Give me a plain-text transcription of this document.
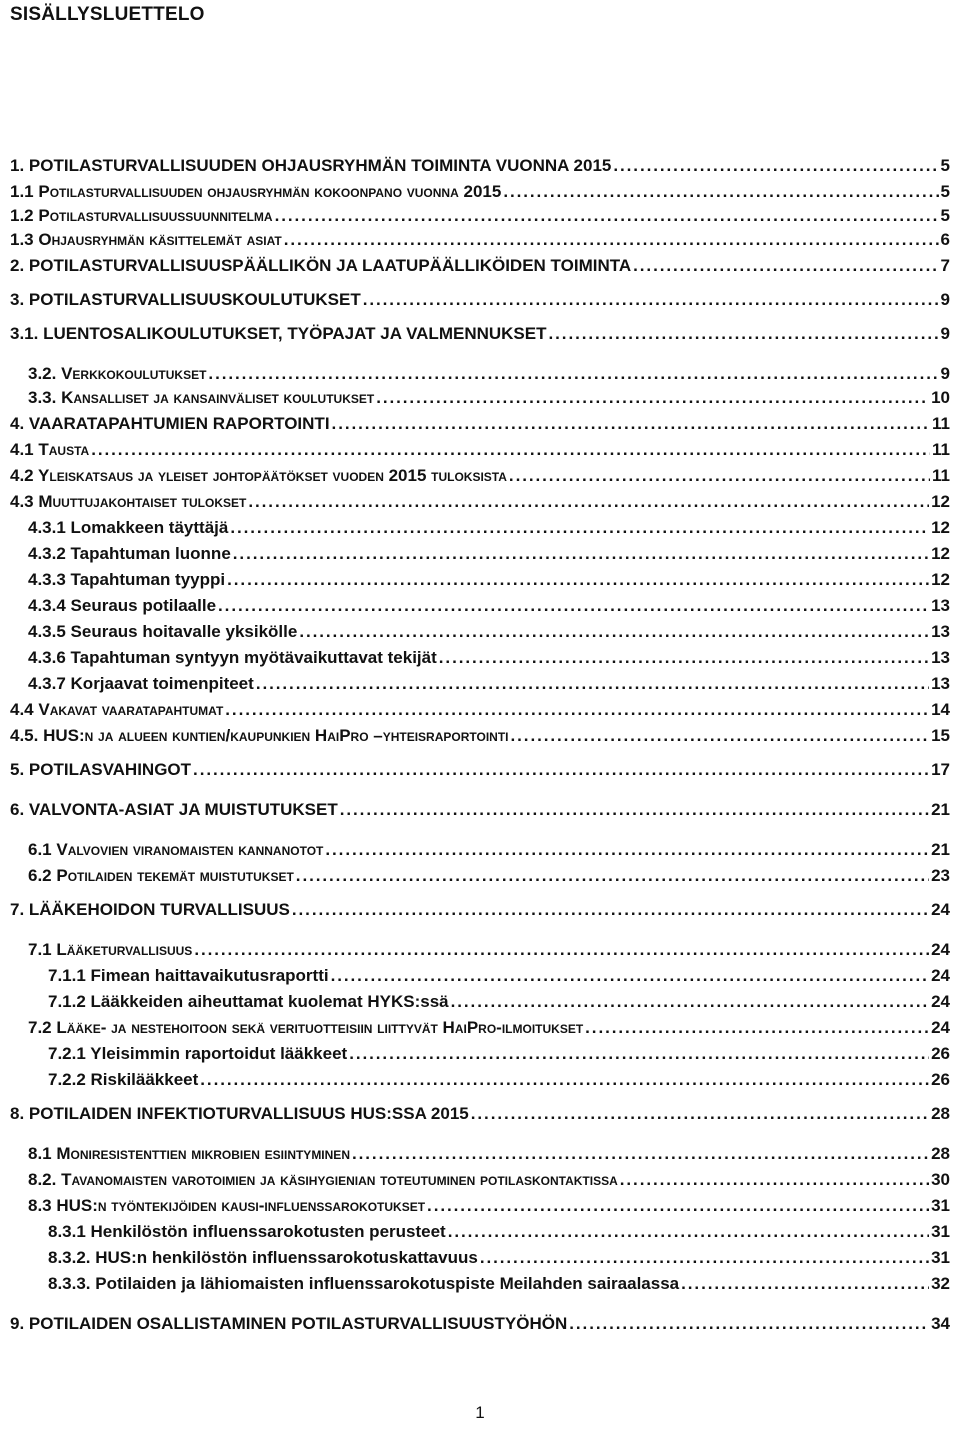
SISÄLLYSLUETTELO
1. POTILASTURVALLISUUDEN OHJAUSRYHMÄN TOIMINTA VUONNA 2015 . . .	5
1.1 Potilasturvallisuuden ohjausryhmän kokoonpano vuonna 2015 . . .	5
1.2 Potilasturvallisuussuunnitelma . . .	5
1.3 Ohjausryhmän käsittelemät asiat . . .	6
2. POTILASTURVALLISUUSPÄÄLLIKÖN JA LAATUPÄÄLLIKÖIDEN TOIMINTA . . .	7
3. POTILASTURVALLISUUSKOULUTUKSET . . .	9
3.1. LUENTOSALIKOULUTUKSET, TYÖPAJAT JA VALMENNUKSET . . .	9
3.2. Verkkokoulutukset . . .	9
3.3. Kansalliset ja kansainväliset koulutukset . . .	10
4. VAARATAPAHTUMIEN RAPORTOINTI . . .	11
4.1 Tausta . . .	11
4.2 Yleiskatsaus ja yleiset johtopäätökset vuoden 2015 tuloksista . . .	11
4.3 Muuttujakohtaiset tulokset . . .	12
4.3.1 Lomakkeen täyttäjä . . .	12
4.3.2 Tapahtuman luonne . . .	12
4.3.3 Tapahtuman tyyppi . . .	12
4.3.4 Seuraus potilaalle . . .	13
4.3.5 Seuraus hoitavalle yksikölle . . .	13
4.3.6 Tapahtuman syntyyn myötävaikuttavat tekijät . . .	13
4.3.7 Korjaavat toimenpiteet . . .	13
4.4 Vakavat vaaratapahtumat . . .	14
4.5. HUS:n ja alueen kuntien/kaupunkien HaiPro –yhteisraportointi . . .	15
5. POTILASVAHINGOT . . .	17
6. VALVONTA-ASIAT JA MUISTUTUKSET . . .	21
6.1 Valvovien viranomaisten kannanotot . . .	21
6.2 Potilaiden tekemät muistutukset . . .	23
7. LÄÄKEHOIDON TURVALLISUUS . . .	24
7.1 Lääketurvallisuus . . .	24
7.1.1 Fimean haittavaikutusraportti . . .	24
7.1.2 Lääkkeiden aiheuttamat kuolemat HYKS:ssä . . .	24
7.2 Lääke- ja nestehoitoon sekä verituotteisiin liittyvät HaiPro-ilmoitukset . . .	24
7.2.1 Yleisimmin raportoidut lääkkeet . . .	26
7.2.2 Riskilääkkeet . . .	26
8. POTILAIDEN INFEKTIOTURVALLISUUS HUS:SSA 2015 . . .	28
8.1 Moniresistenttien mikrobien esiintyminen . . .	28
8.2. Tavanomaisten varotoimien ja käsihygienian toteutuminen potilaskontaktissa . . .	30
8.3 HUS:n työntekijöiden kausi-influenssarokotukset . . .	31
8.3.1 Henkilöstön influenssarokotusten perusteet . . .	31
8.3.2. HUS:n henkilöstön influenssarokotuskattavuus . . .	31
8.3.3. Potilaiden ja lähiomaisten influenssarokotuspiste Meilahden sairaalassa . . .	32
9. POTILAIDEN OSALLISTAMINEN POTILASTURVALLISUUSTYÖHÖN . . .	34
1
